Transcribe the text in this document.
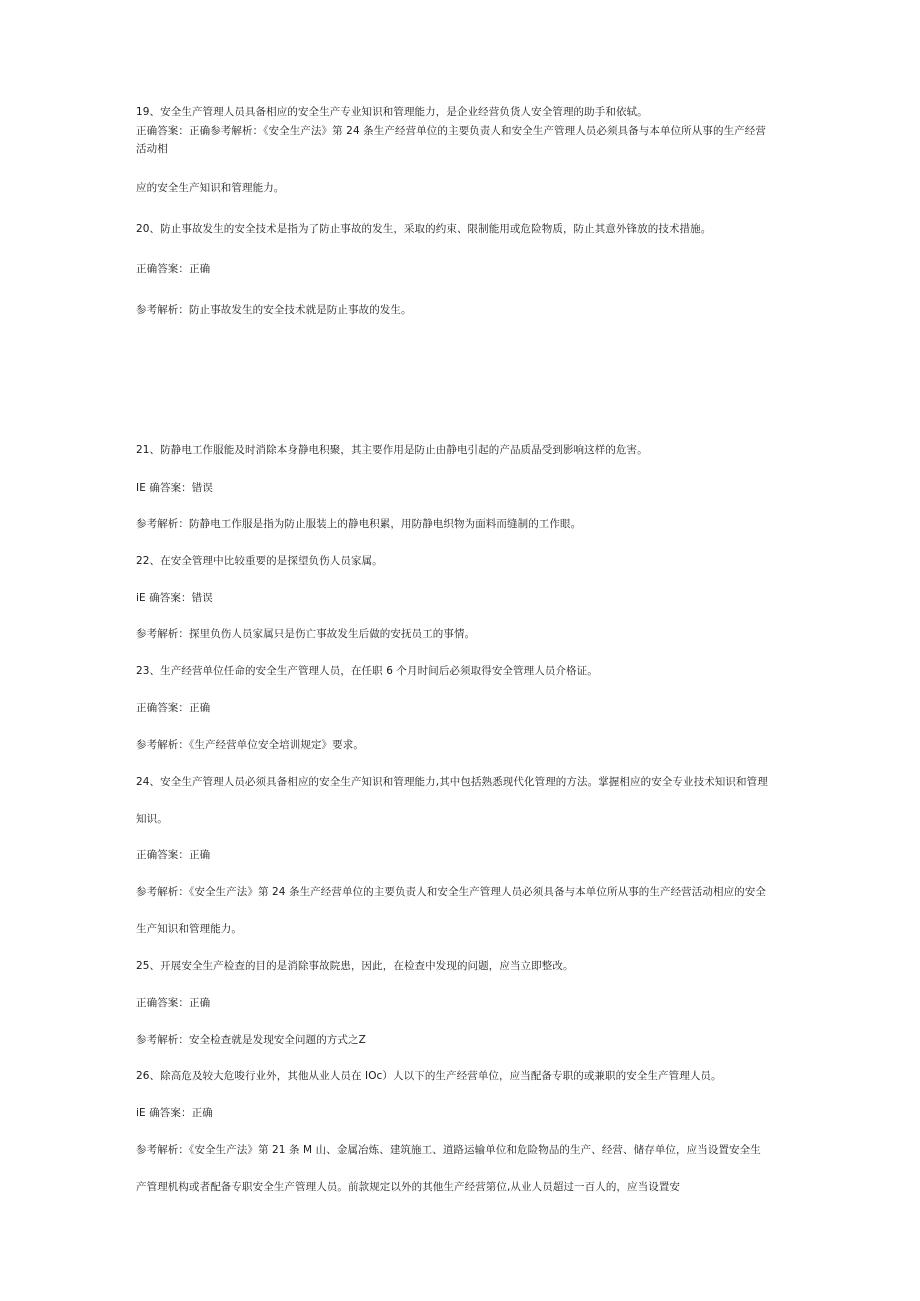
19、安全生产管理人员具备相应的安全生产专业知识和管理能力，是企业经营负货人安全管理的助手和依轼。
正确答案：正确参考解析：《安全生产法》第 24 条生产经营单位的主要负责人和安全生产管理人员必须具备与本单位所从事的生产经营
活动相
应的安全生产知识和管理能力。
20、防止事故发生的安全技术是指为了防止事故的发生，采取的约束、限制能用或危险物质，防止其意外锋放的技术措施。
正确答案：正确
参考解析：防止事故发生的安全技术就是防止事故的发生。
21、防静电工作服能及时消除本身静电积聚，其主要作用是防止由静电引起的产品质晶受到影响这样的危害。
IE 确答案：错误
参考解析：防静电工作服是指为防止服装上的静电积累，用防静电织物为面料而缝制的工作眼。
22、在安全管理中比较重要的是探望负伤人员家属。
iE 确答案：错误
参考解析：探里负伤人员家属只是伤亡事故发生后做的安抚员工的事情。
23、生产经营单位任命的安全生产管理人员，在任职 6 个月时间后必须取得安全管理人员介格证。
正确答案：正确
参考解析：《生产经营单位安全培训规定》要求。
24、安全生产管理人员必须具备相应的安全生产知识和管理能力,其中包括熟悉现代化管理的方法。掌握相应的安全专业技术知识和管理
知识。
正确答案：正确
参考解析：《安全生产法》第 24 条生产经营单位的主要负责人和安全生产管理人员必须具备与本单位所从事的生产经营活动相应的安全
生产知识和管理能力。
25、开展安全生产检查的目的是消除事故院患，因此，在检查中发现的问题，应当立即整改。
正确答案：正确
参考解析：安全检查就是发现安全问题的方式之Z
26、除高危及较大危唆行业外，其他从业人员在 IOc）人以下的生产经营单位，应当配备专职的或兼职的安全生产管理人员。
iE 确答案：正确
参考解析：《安全生产法》第 21 条 M 山、金属冶炼、建筑施工、道路运输单位和危险物品的生产、经营、储存单位，应当设置安全生
产管理机构或者配备专职安全生产管理人员。前款规定以外的其他生产经营第位,从业人员超过一百人的，应当设置安
